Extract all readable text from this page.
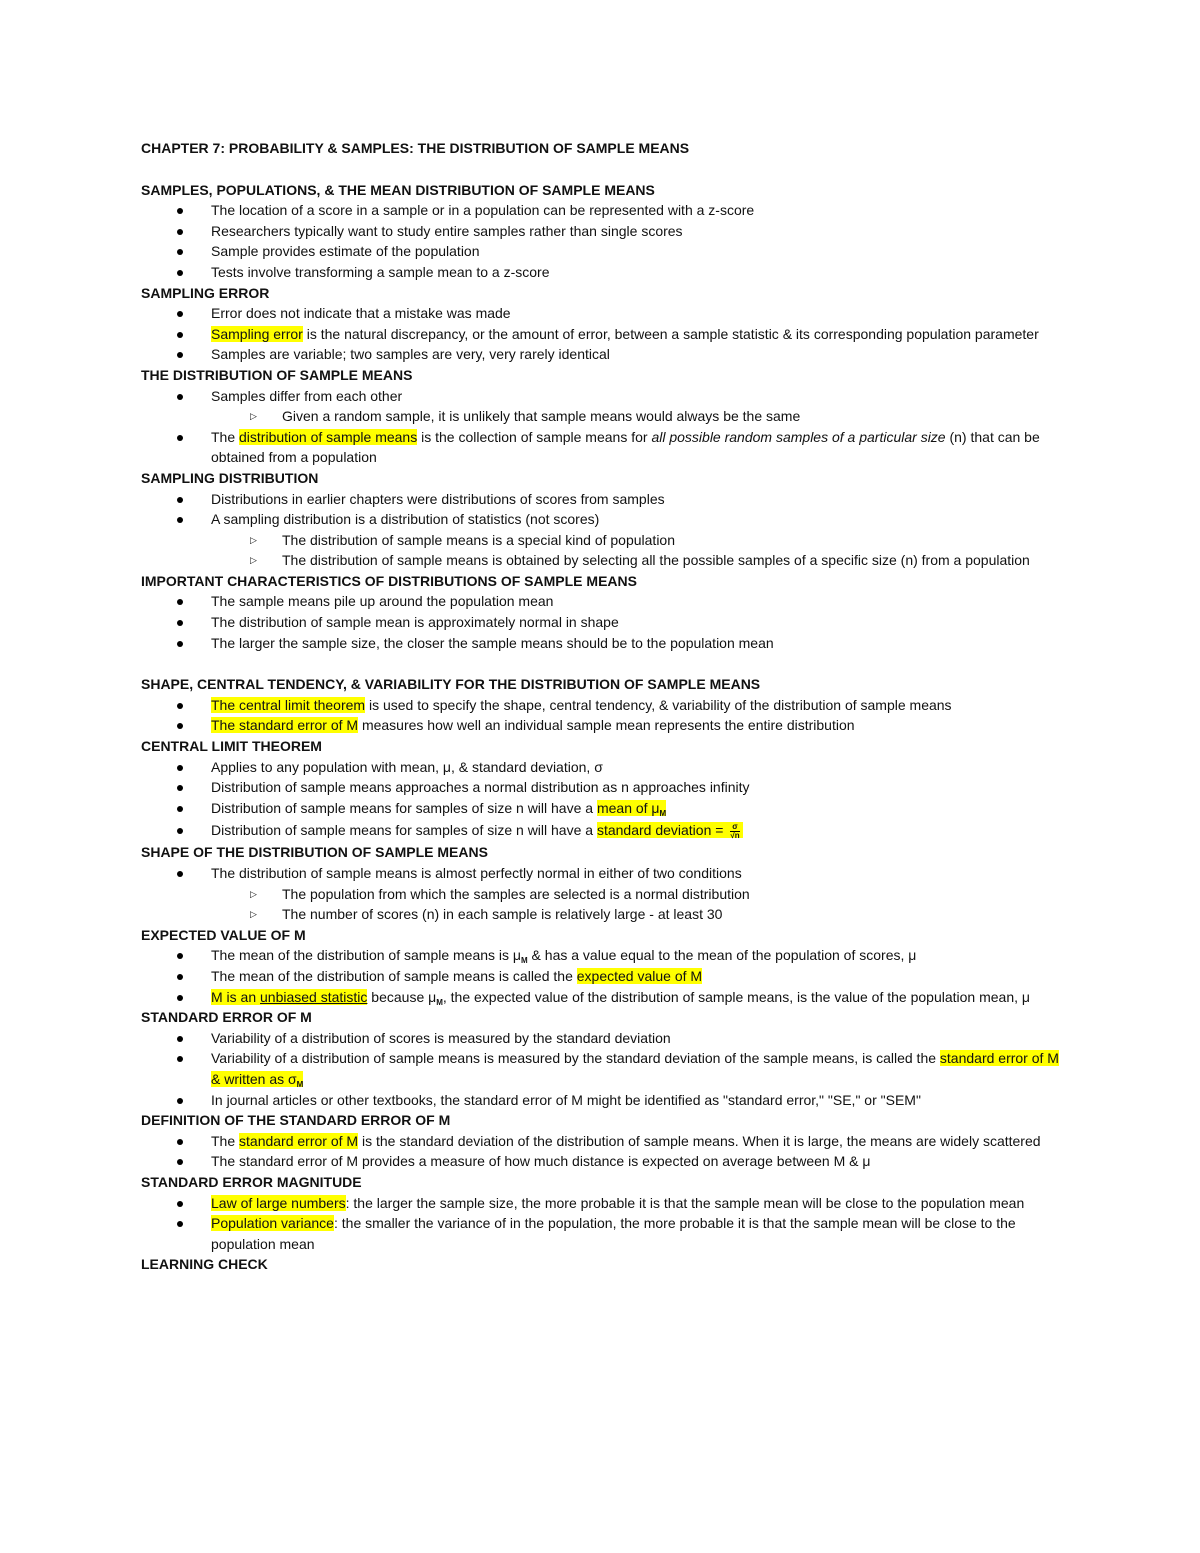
CHAPTER 7: PROBABILITY & SAMPLES: THE DISTRIBUTION OF SAMPLE MEANS
SAMPLES, POPULATIONS, & THE MEAN DISTRIBUTION OF SAMPLE MEANS
The location of a score in a sample or in a population can be represented with a z-score
Researchers typically want to study entire samples rather than single scores
Sample provides estimate of the population
Tests involve transforming a sample mean to a z-score
SAMPLING ERROR
Error does not indicate that a mistake was made
Sampling error is the natural discrepancy, or the amount of error, between a sample statistic & its corresponding population parameter
Samples are variable; two samples are very, very rarely identical
THE DISTRIBUTION OF SAMPLE MEANS
Samples differ from each other
▷ Given a random sample, it is unlikely that sample means would always be the same
The distribution of sample means is the collection of sample means for all possible random samples of a particular size (n) that can be obtained from a population
SAMPLING DISTRIBUTION
Distributions in earlier chapters were distributions of scores from samples
A sampling distribution is a distribution of statistics (not scores)
▷ The distribution of sample means is a special kind of population
▷ The distribution of sample means is obtained by selecting all the possible samples of a specific size (n) from a population
IMPORTANT CHARACTERISTICS OF DISTRIBUTIONS OF SAMPLE MEANS
The sample means pile up around the population mean
The distribution of sample mean is approximately normal in shape
The larger the sample size, the closer the sample means should be to the population mean
SHAPE, CENTRAL TENDENCY, & VARIABILITY FOR THE DISTRIBUTION OF SAMPLE MEANS
The central limit theorem is used to specify the shape, central tendency, & variability of the distribution of sample means
The standard error of M measures how well an individual sample mean represents the entire distribution
CENTRAL LIMIT THEOREM
Applies to any population with mean, μ, & standard deviation, σ
Distribution of sample means approaches a normal distribution as n approaches infinity
Distribution of sample means for samples of size n will have a mean of $\mu_M$
Distribution of sample means for samples of size n will have a standard deviation = $\frac{\sigma}{√n}$
SHAPE OF THE DISTRIBUTION OF SAMPLE MEANS
The distribution of sample means is almost perfectly normal in either of two conditions
▷ The population from which the samples are selected is a normal distribution
▷ The number of scores (n) in each sample is relatively large - at least 30
EXPECTED VALUE OF M
The mean of the distribution of sample means is $\mu_M$ & has a value equal to the mean of the population of scores, μ
The mean of the distribution of sample means is called the expected value of M
M is an unbiased statistic because $\mu_M$, the expected value of the distribution of sample means, is the value of the population mean, μ
STANDARD ERROR OF M
Variability of a distribution of scores is measured by the standard deviation
Variability of a distribution of sample means is measured by the standard deviation of the sample means, is called the standard error of M & written as $\sigma_M$
In journal articles or other textbooks, the standard error of M might be identified as "standard error," "SE," or "SEM"
DEFINITION OF THE STANDARD ERROR OF M
The standard error of M is the standard deviation of the distribution of sample means. When it is large, the means are widely scattered
The standard error of M provides a measure of how much distance is expected on average between M & μ
STANDARD ERROR MAGNITUDE
Law of large numbers: the larger the sample size, the more probable it is that the sample mean will be close to the population mean
Population variance: the smaller the variance of in the population, the more probable it is that the sample mean will be close to the population mean
LEARNING CHECK
